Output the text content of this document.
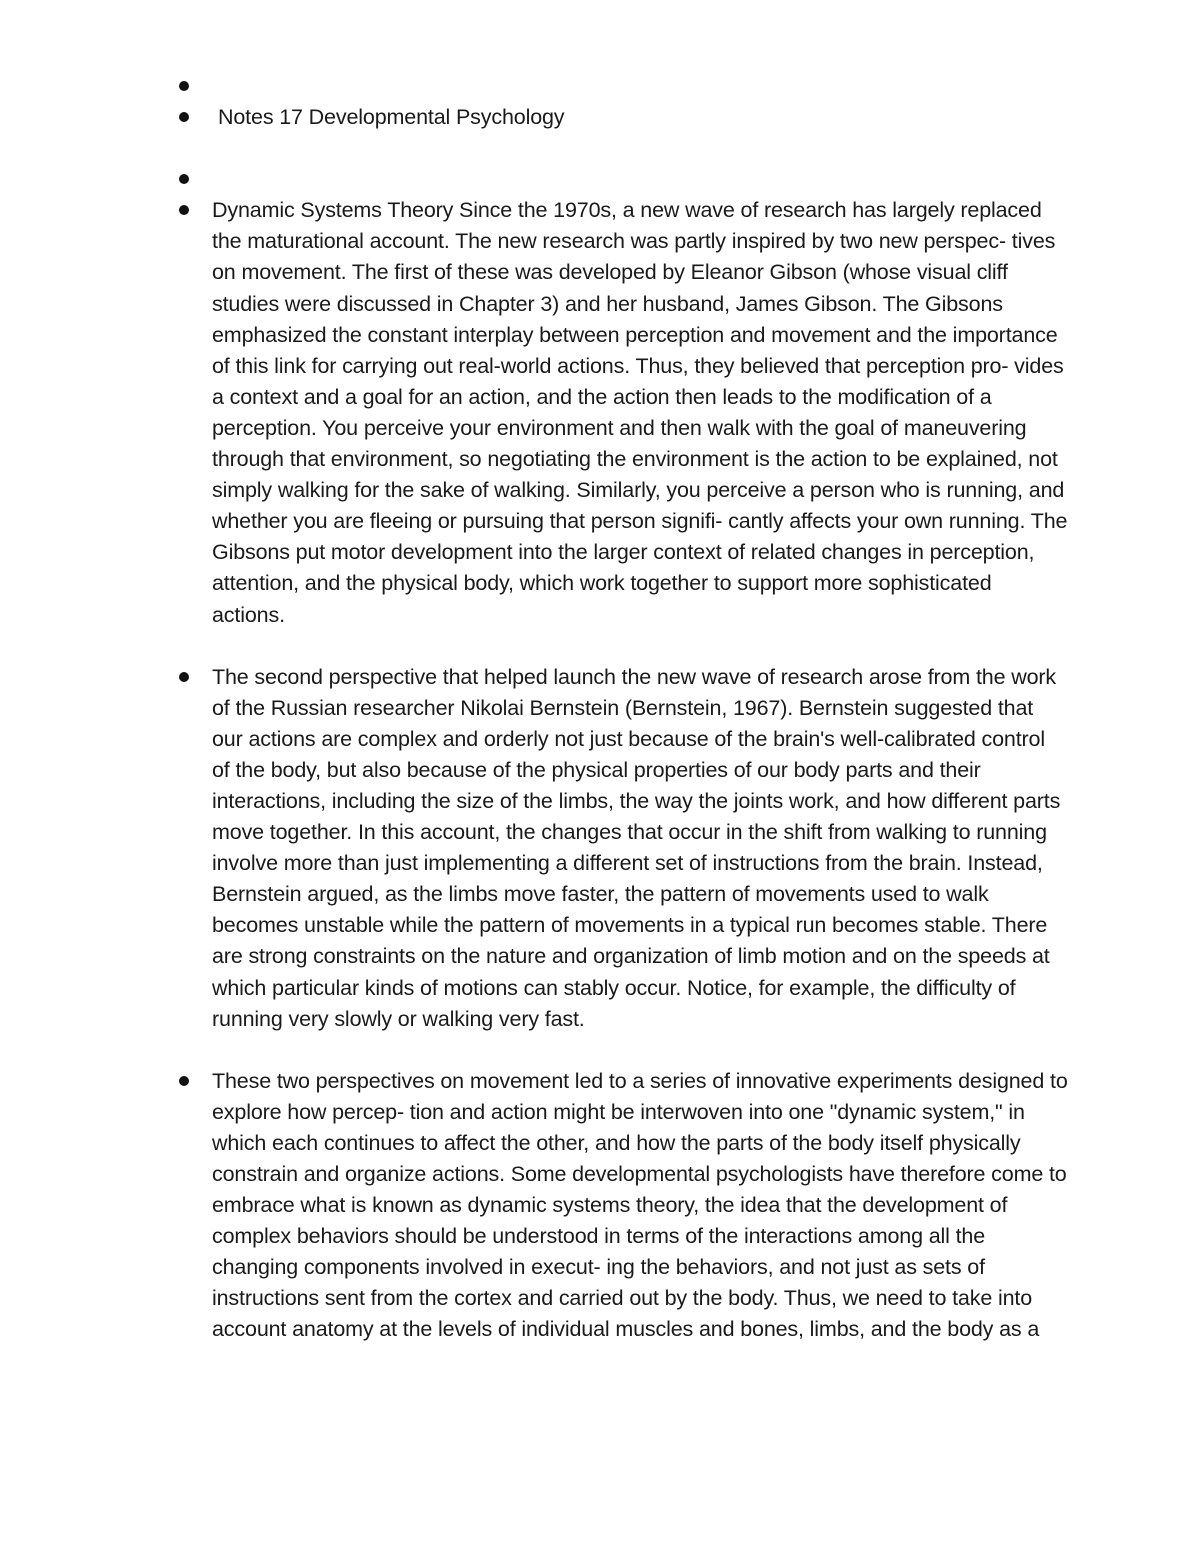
Notes 17 Developmental Psychology
Dynamic Systems Theory Since the 1970s, a new wave of research has largely replaced the maturational account. The new research was partly inspired by two new perspec- tives on movement. The first of these was developed by Eleanor Gibson (whose visual cliff studies were discussed in Chapter 3) and her husband, James Gibson. The Gibsons emphasized the constant interplay between perception and movement and the importance of this link for carrying out real-world actions. Thus, they believed that perception pro- vides a context and a goal for an action, and the action then leads to the modification of a perception. You perceive your environment and then walk with the goal of maneuvering through that environment, so negotiating the environment is the action to be explained, not simply walking for the sake of walking. Similarly, you perceive a person who is running, and whether you are fleeing or pursuing that person signifi- cantly affects your own running. The Gibsons put motor development into the larger context of related changes in perception, attention, and the physical body, which work together to support more sophisticated actions.
The second perspective that helped launch the new wave of research arose from the work of the Russian researcher Nikolai Bernstein (Bernstein, 1967). Bernstein suggested that our actions are complex and orderly not just because of the brain's well-calibrated control of the body, but also because of the physical properties of our body parts and their interactions, including the size of the limbs, the way the joints work, and how different parts move together. In this account, the changes that occur in the shift from walking to running involve more than just implementing a different set of instructions from the brain. Instead, Bernstein argued, as the limbs move faster, the pattern of movements used to walk becomes unstable while the pattern of movements in a typical run becomes stable. There are strong constraints on the nature and organization of limb motion and on the speeds at which particular kinds of motions can stably occur. Notice, for example, the difficulty of running very slowly or walking very fast.
These two perspectives on movement led to a series of innovative experiments designed to explore how percep- tion and action might be interwoven into one "dynamic system," in which each continues to affect the other, and how the parts of the body itself physically constrain and organize actions. Some developmental psychologists have therefore come to embrace what is known as dynamic systems theory, the idea that the development of complex behaviors should be understood in terms of the interactions among all the changing components involved in execut- ing the behaviors, and not just as sets of instructions sent from the cortex and carried out by the body. Thus, we need to take into account anatomy at the levels of individual muscles and bones, limbs, and the body as a
